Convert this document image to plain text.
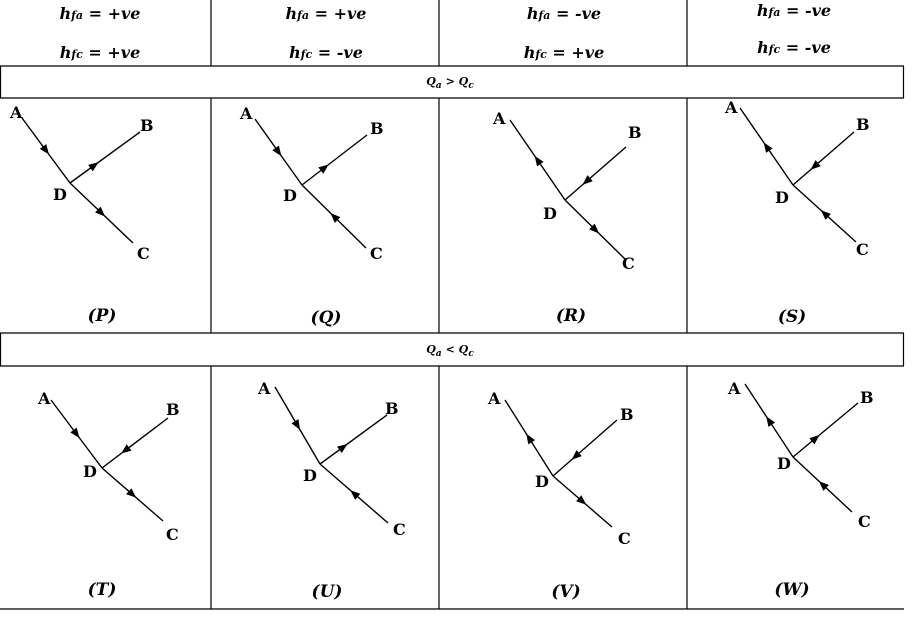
A
B
C
D
A
B
C
D
A
B
C
D
A
B
C
D
A
B
C
D
A
B
C
D
A
B
C
D
A	B
C
D
hfa = +ve
hfc = +ve
hfa = +ve
hfc = -ve
hfa = -ve
hfc = +ve
hfa = -ve
hfc = -ve
$Q_a > Q_c$
$Q_a < Q_c$
(P)	(Q)	(R)	(S)
(T)	(U)	(V)	(W)
